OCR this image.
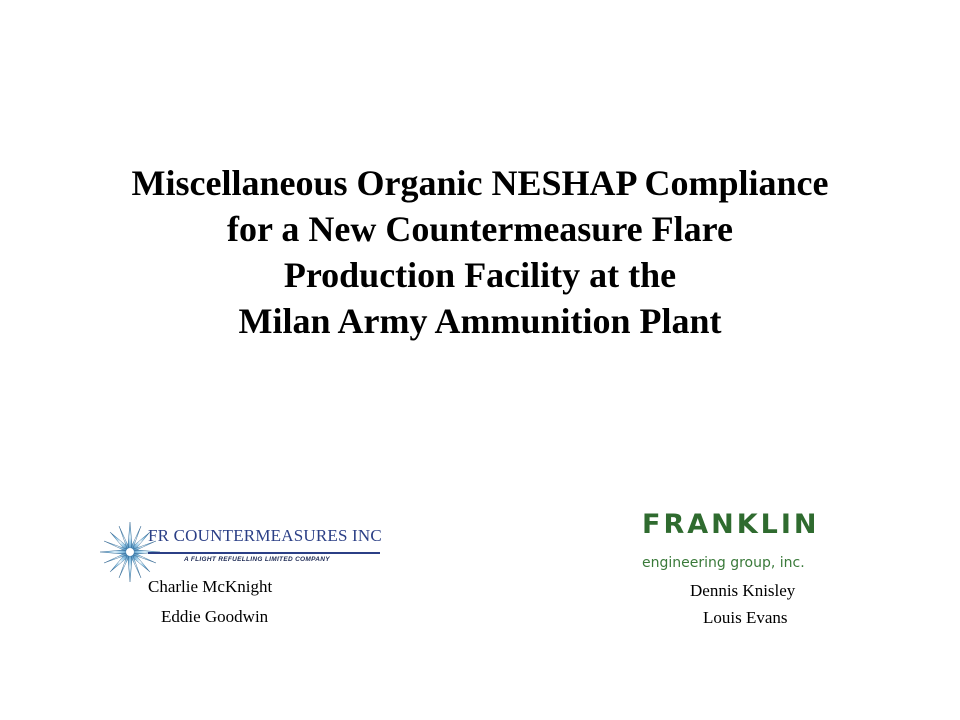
Miscellaneous Organic NESHAP Compliance
for a New Countermeasure Flare
Production Facility at the
Milan Army Ammunition Plant
FR COUNTERMEASURES INC
A FLIGHT REFUELLING LIMITED COMPANY
Charlie McKnight
Eddie Goodwin
FRANKLIN
engineering group, inc.
Dennis Knisley
Louis Evans
